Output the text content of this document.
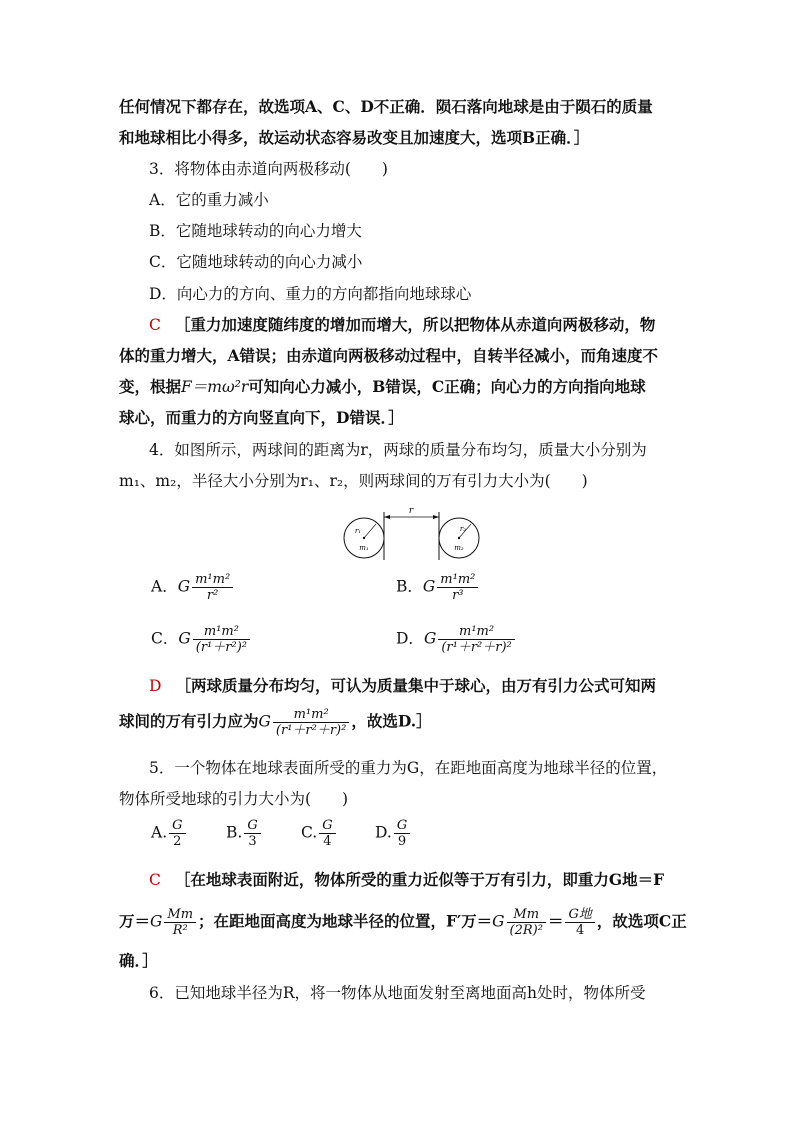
任何情况下都存在，故选项A、C、D不正确．陨石落向地球是由于陨石的质量
和地球相比小得多，故运动状态容易改变且加速度大，选项B正确．］
3．将物体由赤道向两极移动(　　)
A．它的重力减小
B．它随地球转动的向心力增大
C．它随地球转动的向心力减小
D．向心力的方向、重力的方向都指向地球球心
C ［重力加速度随纬度的增加而增大，所以把物体从赤道向两极移动，物
体的重力增大，A错误；由赤道向两极移动过程中，自转半径减小，而角速度不
变，根据F＝mω²r可知向心力减小，B错误，C正确；向心力的方向指向地球
球心，而重力的方向竖直向下，D错误．］
4．如图所示，两球间的距离为r，两球的质量分布均匀，质量大小分别为
m₁、m₂，半径大小分别为r₁、r₂，则两球间的万有引力大小为(　　)
r
r₁
m₁
r₂
m₂
A．G $\frac{\text{m¹m²}}{\text{r²}}$	B．G $\frac{\text{m¹m²}}{\text{r³}}$
C．G $\frac{\text{m¹m²}}{\text{(r¹＋r²)²}}$	D．G $\frac{\text{m¹m²}}{\text{(r¹＋r²＋r)²}}$
D ［两球质量分布均匀，可认为质量集中于球心，由万有引力公式可知两
球间的万有引力应为G $\frac{\text{m¹m²}}{\text{(r¹＋r²＋r)²}}$ ，故选D.］
5．一个物体在地球表面所受的重力为G，在距地面高度为地球半径的位置，
物体所受地球的引力大小为(　　)
A. $\frac{G}{2}$	B. $\frac{G}{3}$	C. $\frac{G}{4}$	D. $\frac{G}{9}$
C ［在地球表面附近，物体所受的重力近似等于万有引力，即重力G地＝F
万$=G \frac{Mm}{\text{R²}}$ ；在距地面高度为地球半径的位置，F′万$=G \frac{Mm}{\text{(2R)²}} = \frac{\text{G地}}{4}$ ，故选项C正
确．］
6．已知地球半径为R，将一物体从地面发射至离地面高h处时，物体所受
